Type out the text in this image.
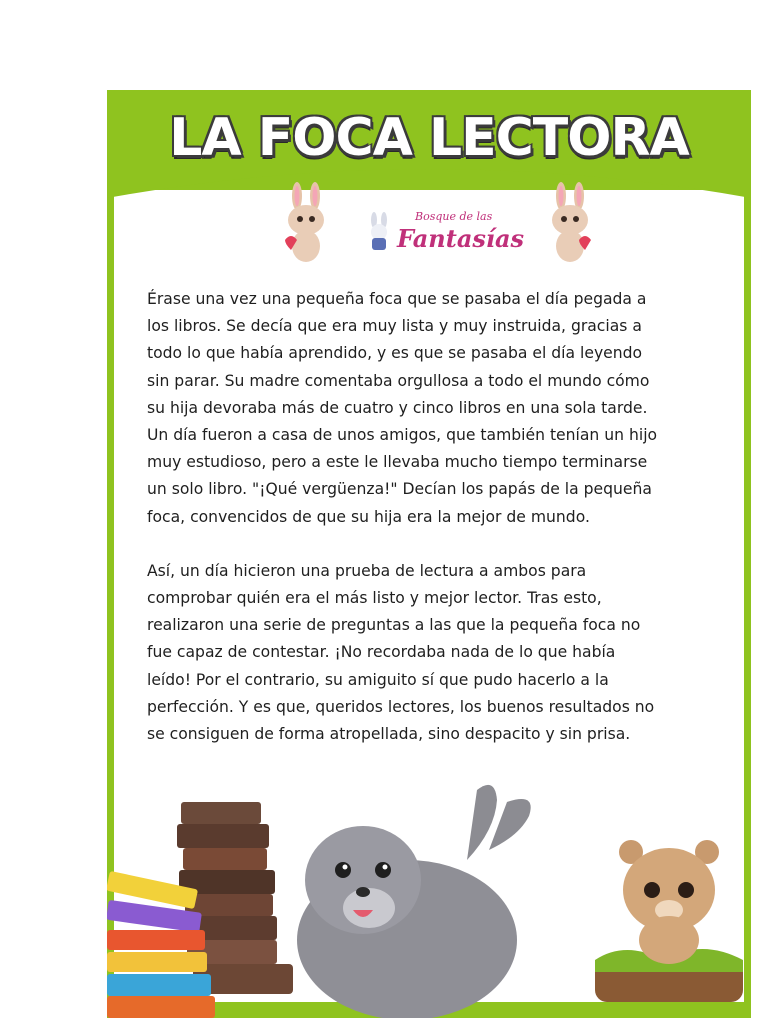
LA FOCA LECTORA
Bosque de las
Fantasías

Érase una vez una pequeña foca que se pasaba el día pegada a
los libros. Se decía que era muy lista y muy instruida, gracias a
todo lo que había aprendido, y es que se pasaba el día leyendo
sin parar. Su madre comentaba orgullosa a todo el mundo cómo
su hija devoraba más de cuatro y cinco libros en una sola tarde.
Un día fueron a casa de unos amigos, que también tenían un hijo
muy estudioso, pero a este le llevaba mucho tiempo terminarse
un solo libro. "¡Qué vergüenza!" Decían los papás de la pequeña
foca, convencidos de que su hija era la mejor de mundo.

Así, un día hicieron una prueba de lectura a ambos para
comprobar quién era el más listo y mejor lector. Tras esto,
realizaron una serie de preguntas a las que la pequeña foca no
fue capaz de contestar. ¡No recordaba nada de lo que había
leído! Por el contrario, su amiguito sí que pudo hacerlo a la
perfección. Y es que, queridos lectores, los buenos resultados no
se consiguen de forma atropellada, sino despacito y sin prisa.
